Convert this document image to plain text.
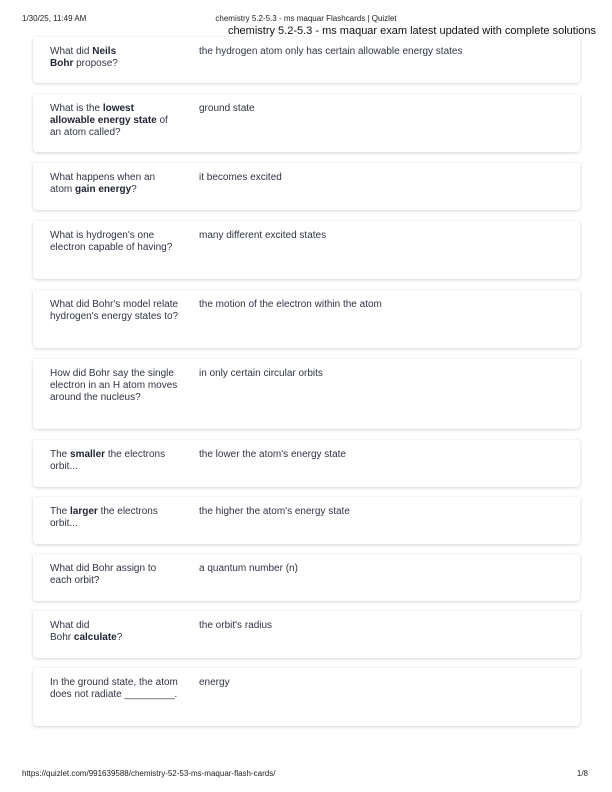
1/30/25, 11:49 AM	chemistry 5.2-5.3 - ms maquar Flashcards | Quizlet
chemistry 5.2-5.3 - ms maquar exam latest updated with complete solutions
What did Neils
Bohr propose?
the hydrogen atom only has certain allowable energy states
What is the lowest allowable energy state of an atom called?
ground state
What happens when an atom gain energy?
it becomes excited
What is hydrogen's one electron capable of having?
many different excited states
What did Bohr's model relate hydrogen's energy states to?
the motion of the electron within the atom
How did Bohr say the single electron in an H atom moves around the nucleus?
in only certain circular orbits
The smaller the electrons orbit...
the lower the atom's energy state
The larger the electrons orbit...
the higher the atom's energy state
What did Bohr assign to each orbit?
a quantum number (n)
What did
Bohr calculate?
the orbit's radius
In the ground state, the atom does not radiate _________.
energy
https://quizlet.com/991639588/chemistry-52-53-ms-maquar-flash-cards/	1/8
